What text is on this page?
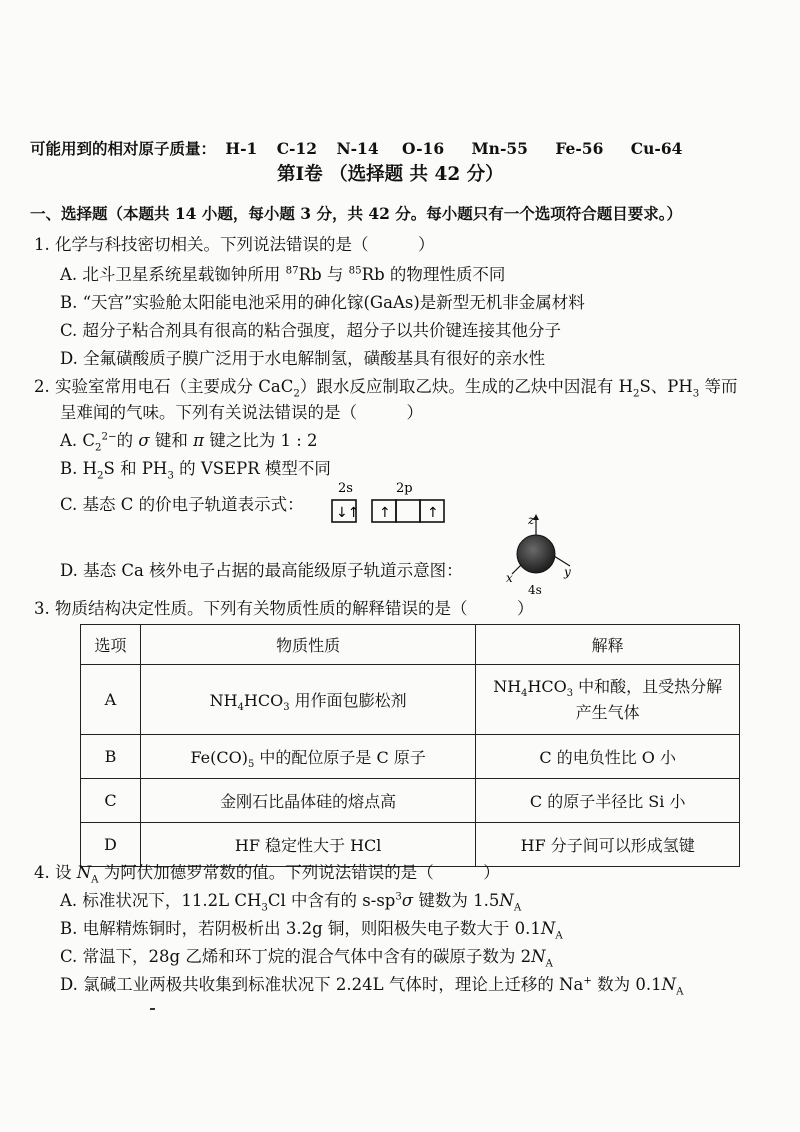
可能用到的相对原子质量： H-1 C-12 N-14 O-16 Mn-55 Fe-56 Cu-64
第Ⅰ卷 （选择题 共 42 分）
一、选择题（本题共 14 小题，每小题 3 分，共 42 分。每小题只有一个选项符合题目要求。）
1. 化学与科技密切相关。下列说法错误的是（　　　）
A. 北斗卫星系统星载铷钟所用 $^{87}$Rb 与 $^{85}$Rb 的物理性质不同
B. “天宫”实验舱太阳能电池采用的砷化镓(GaAs)是新型无机非金属材料
C. 超分子粘合剂具有很高的粘合强度，超分子以共价键连接其他分子
D. 全氟磺酸质子膜广泛用于水电解制氢，磺酸基具有很好的亲水性
2. 实验室常用电石（主要成分 CaC$_2$）跟水反应制取乙炔。生成的乙炔中因混有 $H_2S$、$PH_3$ 等而
呈难闻的气味。下列有关说法错误的是（　　　）
A. $C_2^{2-}$的 σ 键和 π 键之比为 1 : 2
B. $H_2S$ 和 $PH_3$ 的 VSEPR 模型不同
C. 基态 C 的价电子轨道表示式：
2s	2p
↓↑ ↑	↑
D. 基态 Ca 核外电子占据的最高能级原子轨道示意图：
z
y
x
4s
3. 物质结构决定性质。下列有关物质性质的解释错误的是（　　　）
选项	物质性质	解释
A	$NH_4HCO_3$ 用作面包膨松剂	$NH_4HCO_3$ 中和酸，且受热分解
产生气体
B	$Fe(CO)_5$ 中的配位原子是 C 原子	C 的电负性比 O 小
C	金刚石比晶体硅的熔点高	C 的原子半径比 Si 小
D	HF 稳定性大于 HCl	HF 分子间可以形成氢键
4. 设 $N_A$ 为阿伏加德罗常数的值。下列说法错误的是（　　　）
A. 标准状况下，11.2L $CH_3Cl$ 中含有的 $s-sp^3\sigma$ 键数为 $1.5N_A$
B. 电解精炼铜时，若阴极析出 3.2g 铜，则阳极失电子数大于 $0.1N_A$
C. 常温下，28g 乙烯和环丁烷的混合气体中含有的碳原子数为 $2N_A$
D. 氯碱工业两极共收集到标准状况下 2.24L 气体时，理论上迁移的 Na+ 数为 $0.1N_A$
